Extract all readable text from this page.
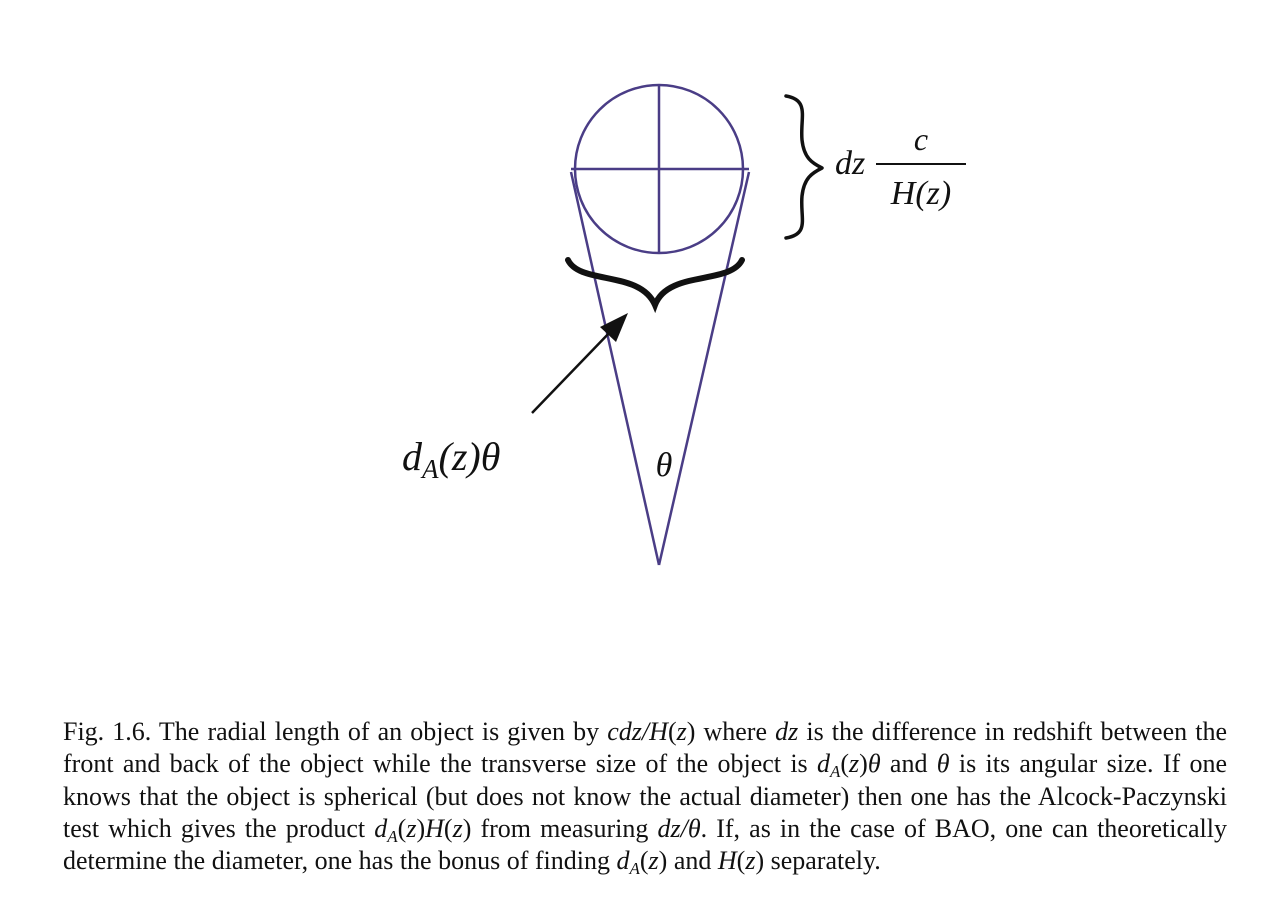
dz
c
H(z)
$d_A(z)\theta$	θ

Fig. 1.6. The radial length of an object is given by cdz/H(z) where dz is the difference in redshift between the front and back of the object while the transverse size of the object is $d_A(z)\theta$ and θ is its angular size. If one knows that the object is spherical (but does not know the actual diameter) then one has the Alcock-Paczynski test which gives the product $d_A(z)H(z)$ from measuring dz/θ. If, as in the case of BAO, one can theoretically determine the diameter, one has the bonus of finding $d_A(z)$ and H(z) separately.
